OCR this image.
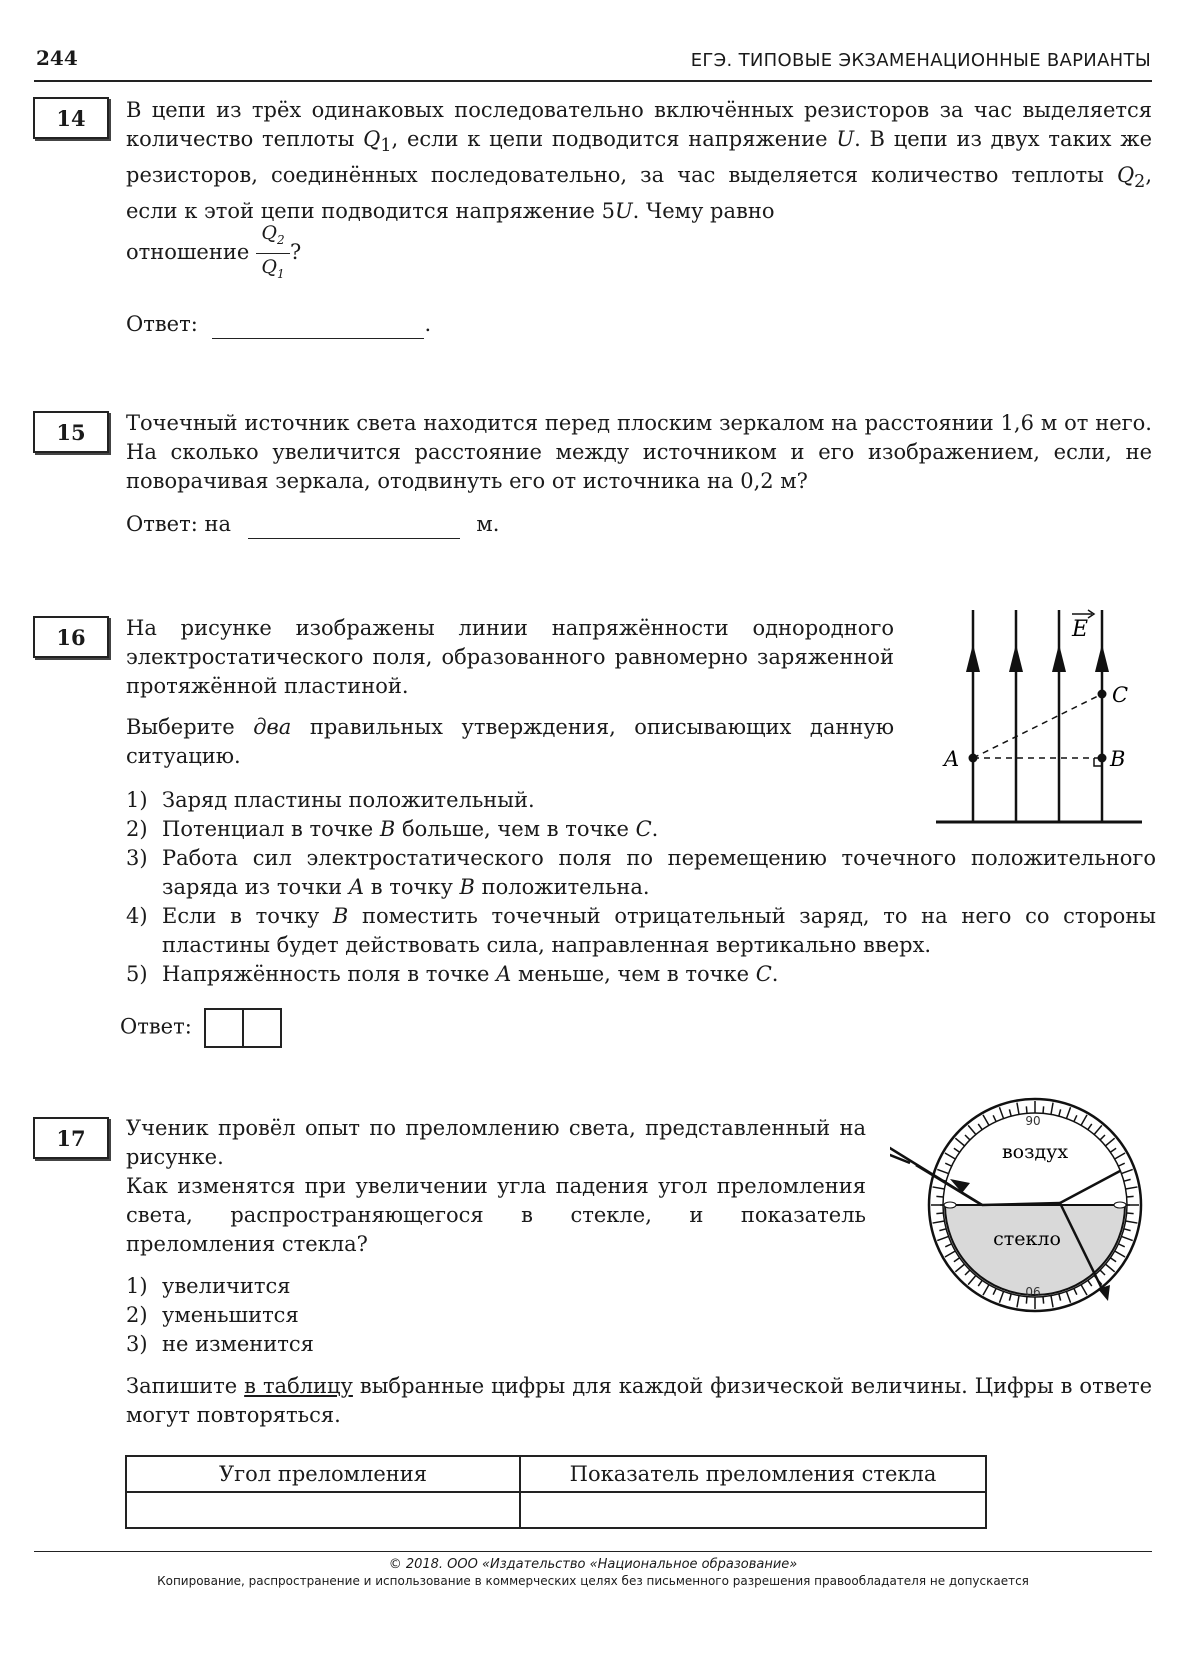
244	ЕГЭ. ТИПОВЫЕ ЭКЗАМЕНАЦИОННЫЕ ВАРИАНТЫ
14	В цепи из трёх одинаковых последовательно включённых резисторов за час выделяется количество теплоты $Q_1$, если к цепи подводится напряжение U. В цепи из двух таких же резисторов, соединённых последовательно, за час выделяется количество теплоты $Q_2$, если к этой цепи подводится напряжение 5U. Чему равно

отношение $\frac{Q_2}{Q_1}$ ?
Ответ:	.
15	Точечный источник света находится перед плоским зеркалом на расстоянии 1,6 м от него. На сколько увеличится расстояние между источником и его изображением, если, не поворачивая зеркала, отодвинуть его от источника на 0,2 м?
Ответ: на	м.
16	На рисунке изображены линии напряжённости однородного электростатического поля, образованного равномерно заряженной протяжённой пластиной.
Выберите два правильных утверждения, описывающих данную ситуацию.
1) Заряд пластины положительный.
2) Потенциал в точке B больше, чем в точке C.
3) Работа сил электростатического поля по перемещению точечного положительного заряда из точки A в точку B положительна.
4) Если в точку B поместить точечный отрицательный заряд, то на него со стороны пластины будет действовать сила, направленная вертикально вверх.
5) Напряжённость поля в точке A меньше, чем в точке C.
Ответ:
E
A	B
C
17	Ученик провёл опыт по преломлению света, представленный на рисунке.
Как изменятся при увеличении угла падения угол преломления света, распространяющегося в стекле, и показатель преломления стекла?
1) увеличится
2) уменьшится
3) не изменится
Запишите в таблицу выбранные цифры для каждой физической величины. Цифры в ответе могут повторяться.
Угол преломления	Показатель преломления стекла

воздух
стекло
90
90
© 2018. ООО «Издательство «Национальное образование»
Копирование, распространение и использование в коммерческих целях без письменного разрешения правообладателя не допускается
